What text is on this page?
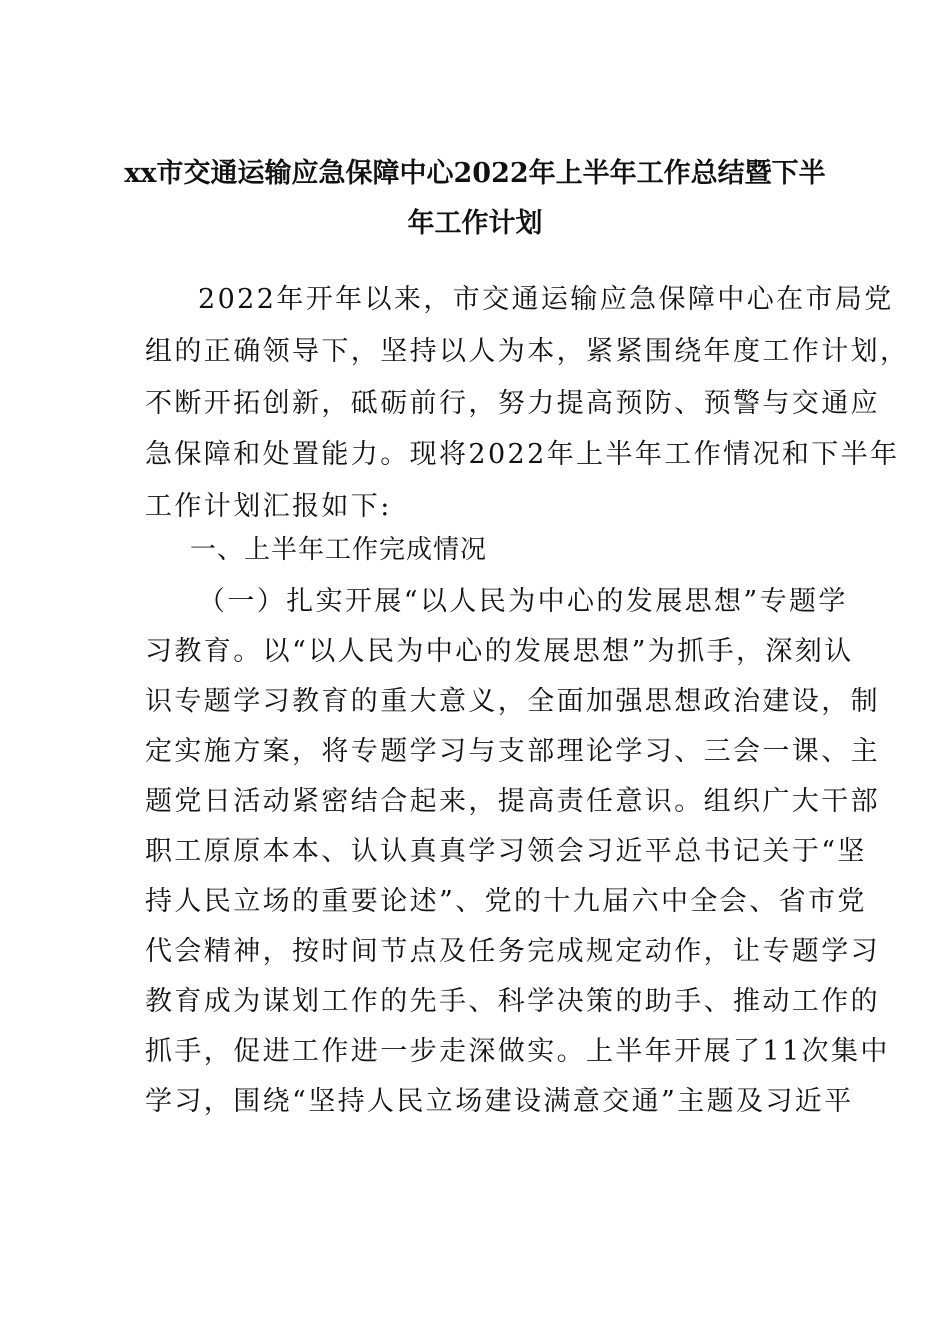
xx市交通运输应急保障中心2022年上半年工作总结暨下半
年工作计划
2022年开年以来，市交通运输应急保障中心在市局党
组的正确领导下，坚持以人为本，紧紧围绕年度工作计划，
不断开拓创新，砥砺前行，努力提高预防、预警与交通应
急保障和处置能力。现将2022年上半年工作情况和下半年
工作计划汇报如下:
一、上半年工作完成情况
（一）扎实开展“以人民为中心的发展思想”专题学
习教育。以“以人民为中心的发展思想”为抓手，深刻认
识专题学习教育的重大意义，全面加强思想政治建设，制
定实施方案，将专题学习与支部理论学习、三会一课、主
题党日活动紧密结合起来，提高责任意识。组织广大干部
职工原原本本、认认真真学习领会习近平总书记关于“坚
持人民立场的重要论述”、党的十九届六中全会、省市党
代会精神，按时间节点及任务完成规定动作，让专题学习
教育成为谋划工作的先手、科学决策的助手、推动工作的
抓手，促进工作进一步走深做实。上半年开展了11次集中
学习，围绕“坚持人民立场建设满意交通”主题及习近平
